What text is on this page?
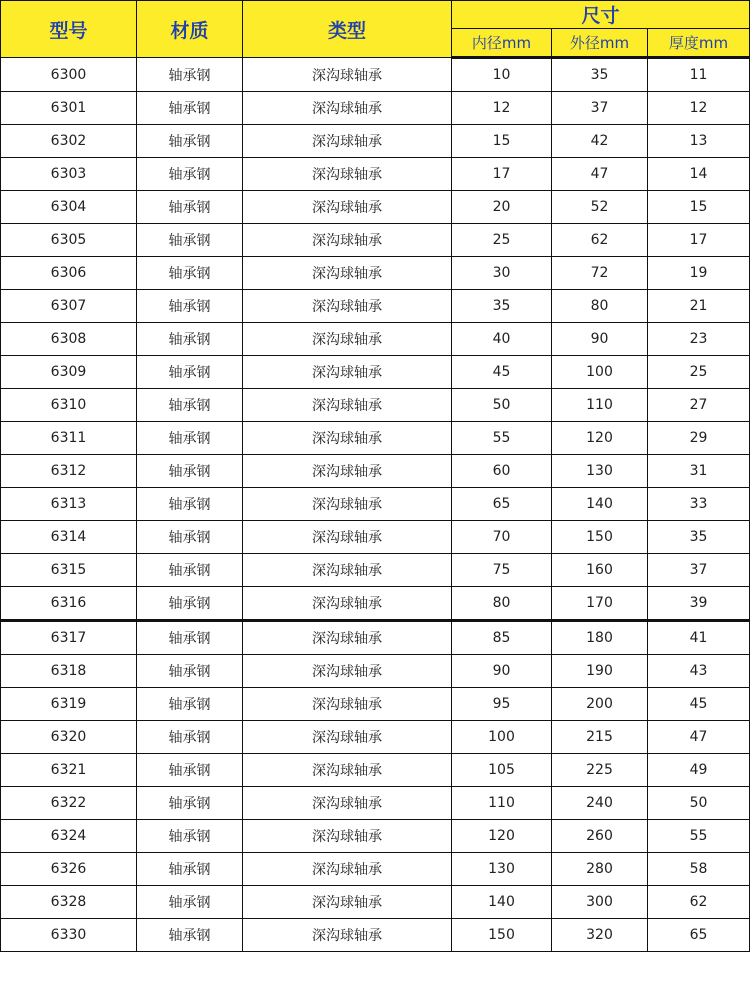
型号	材质	类型	尺寸		
			内径mm	外径mm	厚度mm
6300	轴承钢	深沟球轴承	10	35	11
6301	轴承钢	深沟球轴承	12	37	12
6302	轴承钢	深沟球轴承	15	42	13
6303	轴承钢	深沟球轴承	17	47	14
6304	轴承钢	深沟球轴承	20	52	15
6305	轴承钢	深沟球轴承	25	62	17
6306	轴承钢	深沟球轴承	30	72	19
6307	轴承钢	深沟球轴承	35	80	21
6308	轴承钢	深沟球轴承	40	90	23
6309	轴承钢	深沟球轴承	45	100	25
6310	轴承钢	深沟球轴承	50	110	27
6311	轴承钢	深沟球轴承	55	120	29
6312	轴承钢	深沟球轴承	60	130	31
6313	轴承钢	深沟球轴承	65	140	33
6314	轴承钢	深沟球轴承	70	150	35
6315	轴承钢	深沟球轴承	75	160	37
6316	轴承钢	深沟球轴承	80	170	39
6317	轴承钢	深沟球轴承	85	180	41
6318	轴承钢	深沟球轴承	90	190	43
6319	轴承钢	深沟球轴承	95	200	45
6320	轴承钢	深沟球轴承	100	215	47
6321	轴承钢	深沟球轴承	105	225	49
6322	轴承钢	深沟球轴承	110	240	50
6324	轴承钢	深沟球轴承	120	260	55
6326	轴承钢	深沟球轴承	130	280	58
6328	轴承钢	深沟球轴承	140	300	62
6330	轴承钢	深沟球轴承	150	320	65
